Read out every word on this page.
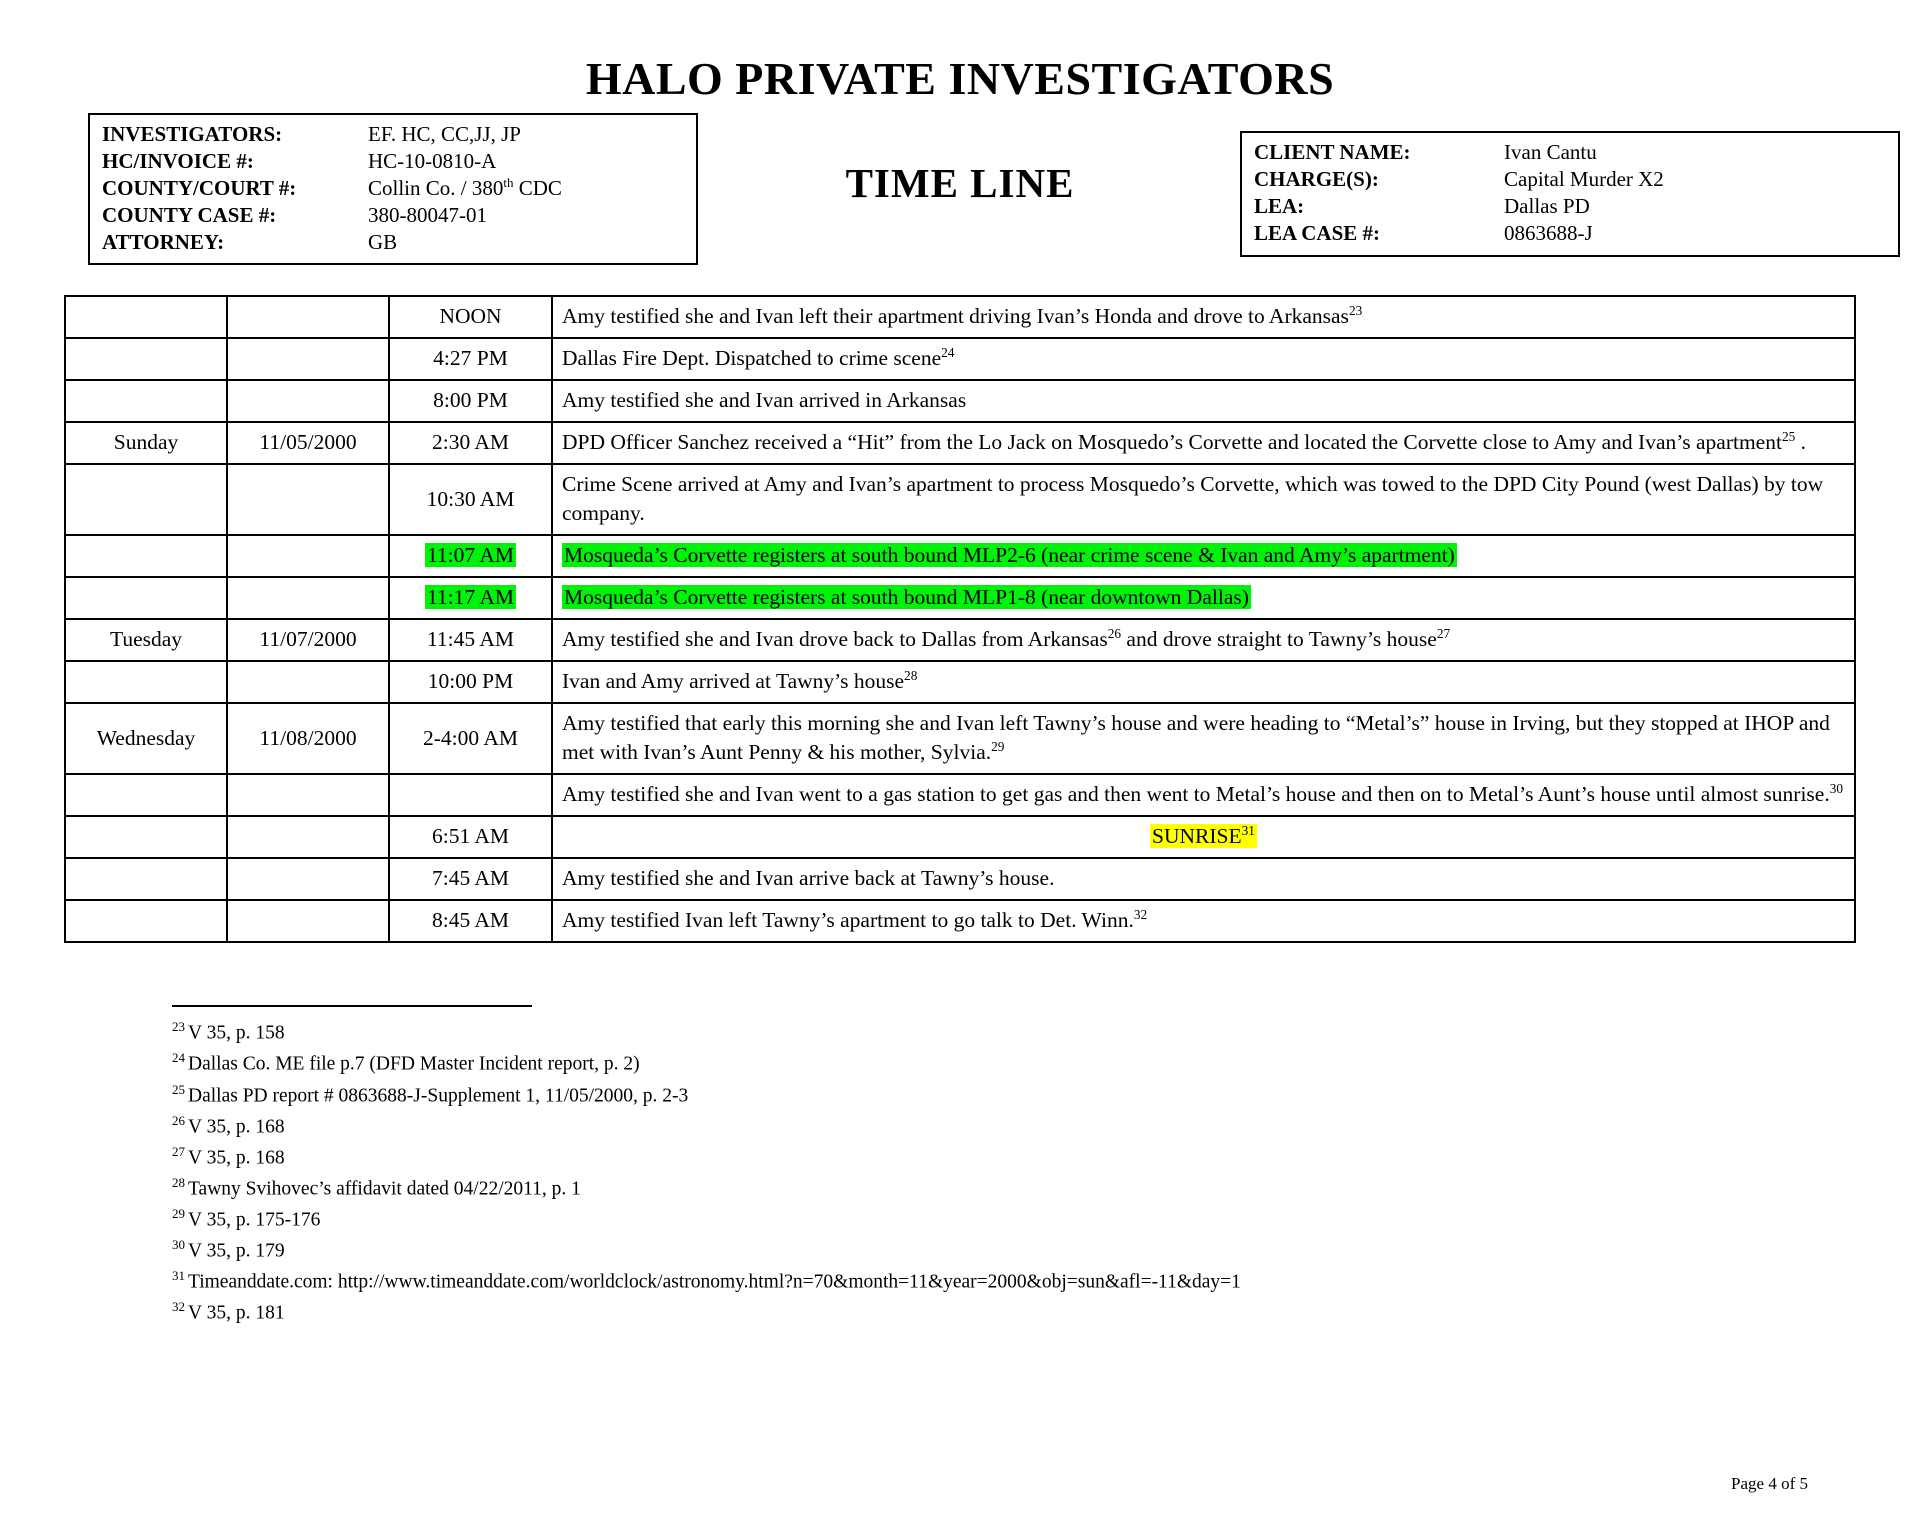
HALO PRIVATE INVESTIGATORS
INVESTIGATORS:	EF. HC, CC,JJ, JP
HC/INVOICE #:	HC-10-0810-A
COUNTY/COURT #:	Collin Co. / 380th CDC
COUNTY CASE #:	380-80047-01
ATTORNEY:	GB
TIME LINE
CLIENT NAME:	Ivan Cantu
CHARGE(S):	Capital Murder X2
LEA:	Dallas PD
LEA CASE #:	0863688-J
		NOON	Amy testified she and Ivan left their apartment driving Ivan’s Honda and drove to Arkansas$^{23}$
		4:27 PM	Dallas Fire Dept. Dispatched to crime scene$^{24}$
		8:00 PM	Amy testified she and Ivan arrived in Arkansas
Sunday	11/05/2000	2:30 AM	DPD Officer Sanchez received a “Hit” from the Lo Jack on Mosquedo’s Corvette and located the Corvette close to Amy and Ivan’s apartment$^{25}$ .
		10:30 AM	Crime Scene arrived at Amy and Ivan’s apartment to process Mosquedo’s Corvette, which was towed to the DPD City Pound (west Dallas) by tow company.
		11:07 AM	Mosqueda’s Corvette registers at south bound MLP2-6 (near crime scene & Ivan and Amy’s apartment)
		11:17 AM	Mosqueda’s Corvette registers at south bound MLP1-8 (near downtown Dallas)
Tuesday	11/07/2000	11:45 AM	Amy testified she and Ivan drove back to Dallas from Arkansas$^{26}$ and drove straight to Tawny’s house$^{27}$
		10:00 PM	Ivan and Amy arrived at Tawny’s house$^{28}$
Wednesday	11/08/2000	2-4:00 AM	Amy testified that early this morning she and Ivan left Tawny’s house and were heading to “Metal’s” house in Irving, but they stopped at IHOP and met with Ivan’s Aunt Penny & his mother, Sylvia.$^{29}$
			Amy testified she and Ivan went to a gas station to get gas and then went to Metal’s house and then on to Metal’s Aunt’s house until almost sunrise.$^{30}$
		6:51 AM	SUNRISE$^{31}$
		7:45 AM	Amy testified she and Ivan arrive back at Tawny’s house.
		8:45 AM	Amy testified Ivan left Tawny’s apartment to go talk to Det. Winn.$^{32}$
$^{23}$ V 35, p. 158
$^{24}$ Dallas Co. ME file p.7 (DFD Master Incident report, p. 2)
$^{25}$ Dallas PD report # 0863688-J-Supplement 1, 11/05/2000, p. 2-3
$^{26}$ V 35, p. 168
$^{27}$ V 35, p. 168
$^{28}$ Tawny Svihovec’s affidavit dated 04/22/2011, p. 1
$^{29}$ V 35, p. 175-176
$^{30}$ V 35, p. 179
$^{31}$ Timeanddate.com: http://www.timeanddate.com/worldclock/astronomy.html?n=70&month=11&year=2000&obj=sun&afl=-11&day=1
$^{32}$ V 35, p. 181
Page 4 of 5
